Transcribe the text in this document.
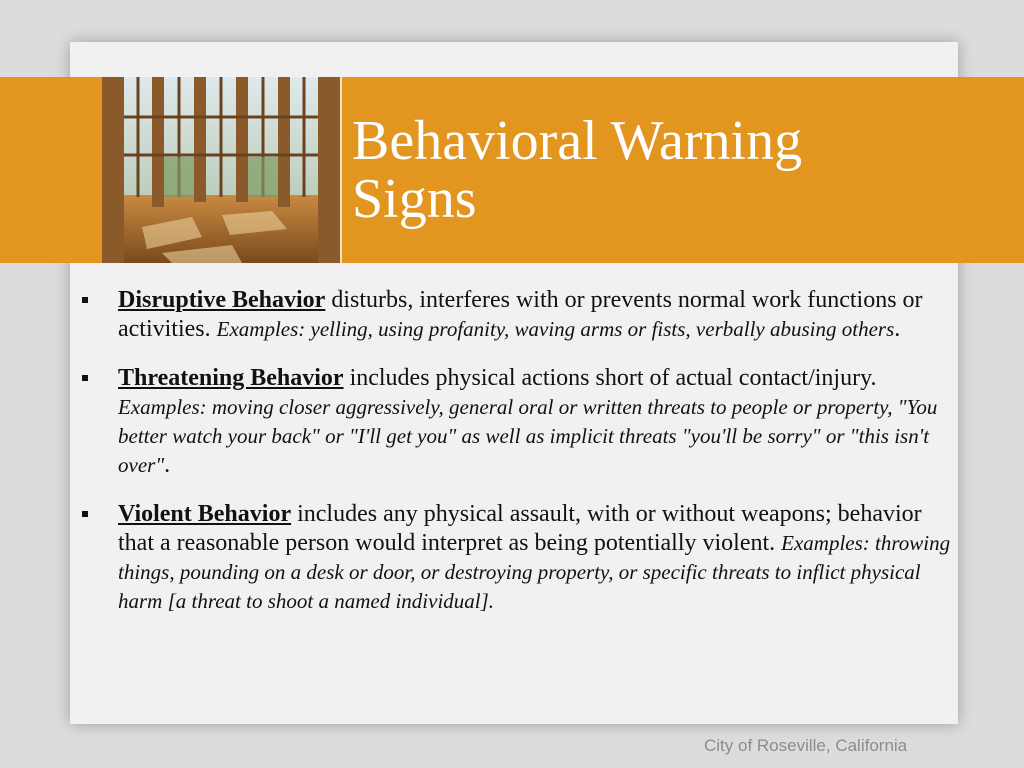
Behavioral Warning
Signs
Disruptive Behavior disturbs, interferes with or prevents normal work functions or activities. Examples: yelling, using profanity, waving arms or fists, verbally abusing others.
Threatening Behavior includes physical actions short of actual contact/injury. Examples: moving closer aggressively, general oral or written threats to people or property, "You better watch your back" or "I'll get you" as well as implicit threats "you'll be sorry" or "this isn't over".
Violent Behavior includes any physical assault, with or without weapons; behavior that a reasonable person would interpret as being potentially violent. Examples: throwing things, pounding on a desk or door, or destroying property, or specific threats to inflict physical harm [a threat to shoot a named individual].
City of Roseville, California
